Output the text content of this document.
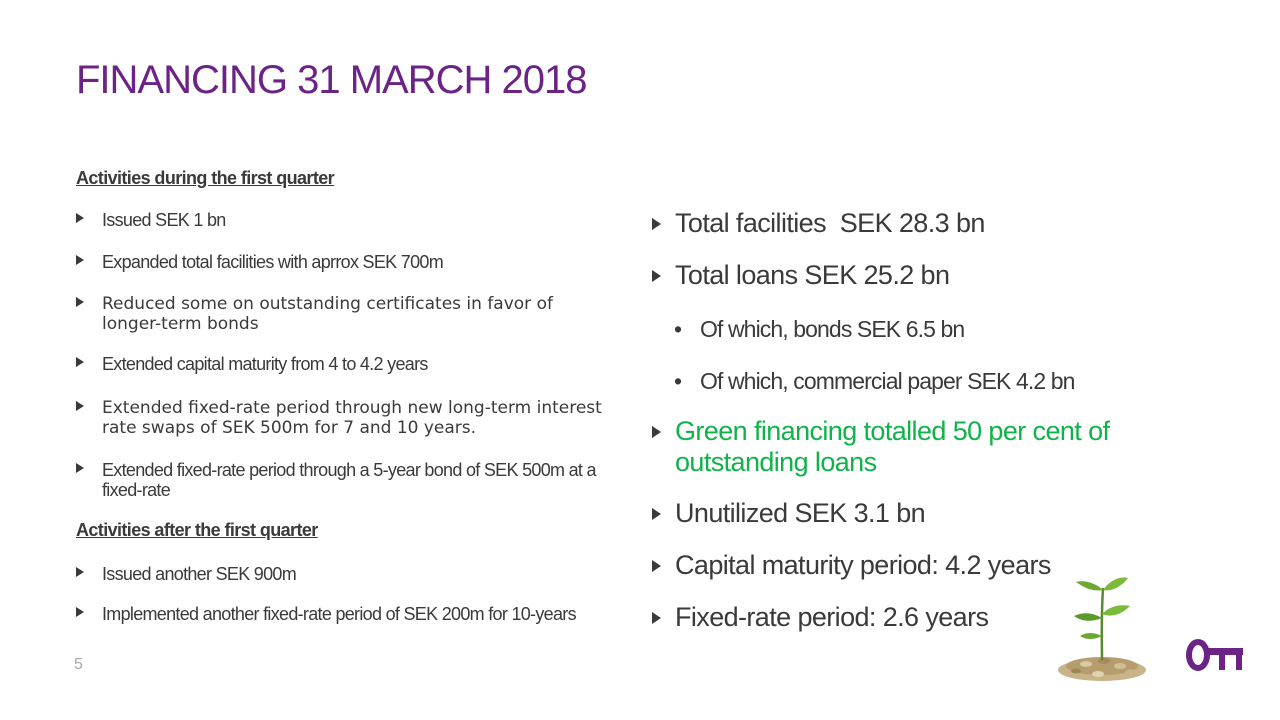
FINANCING 31 MARCH 2018
Activities during the first quarter
Issued SEK 1 bn
Expanded total facilities with aprrox SEK 700m
Reduced some on outstanding certificates in favor of longer-term bonds
Extended capital maturity from 4 to 4.2 years
Extended fixed-rate period through new long-term interest rate swaps of SEK 500m for 7 and 10 years.
Extended fixed-rate period through a 5-year bond of SEK 500m at a fixed-rate
Activities after the first quarter
Issued another SEK 900m
Implemented another fixed-rate period of SEK 200m for 10-years
Total facilities  SEK 28.3 bn
Total loans SEK 25.2 bn
• Of which, bonds SEK 6.5 bn
• Of which, commercial paper SEK 4.2 bn
Green financing totalled 50 per cent of outstanding loans
Unutilized SEK 3.1 bn
Capital maturity period: 4.2 years
Fixed-rate period: 2.6 years
5
